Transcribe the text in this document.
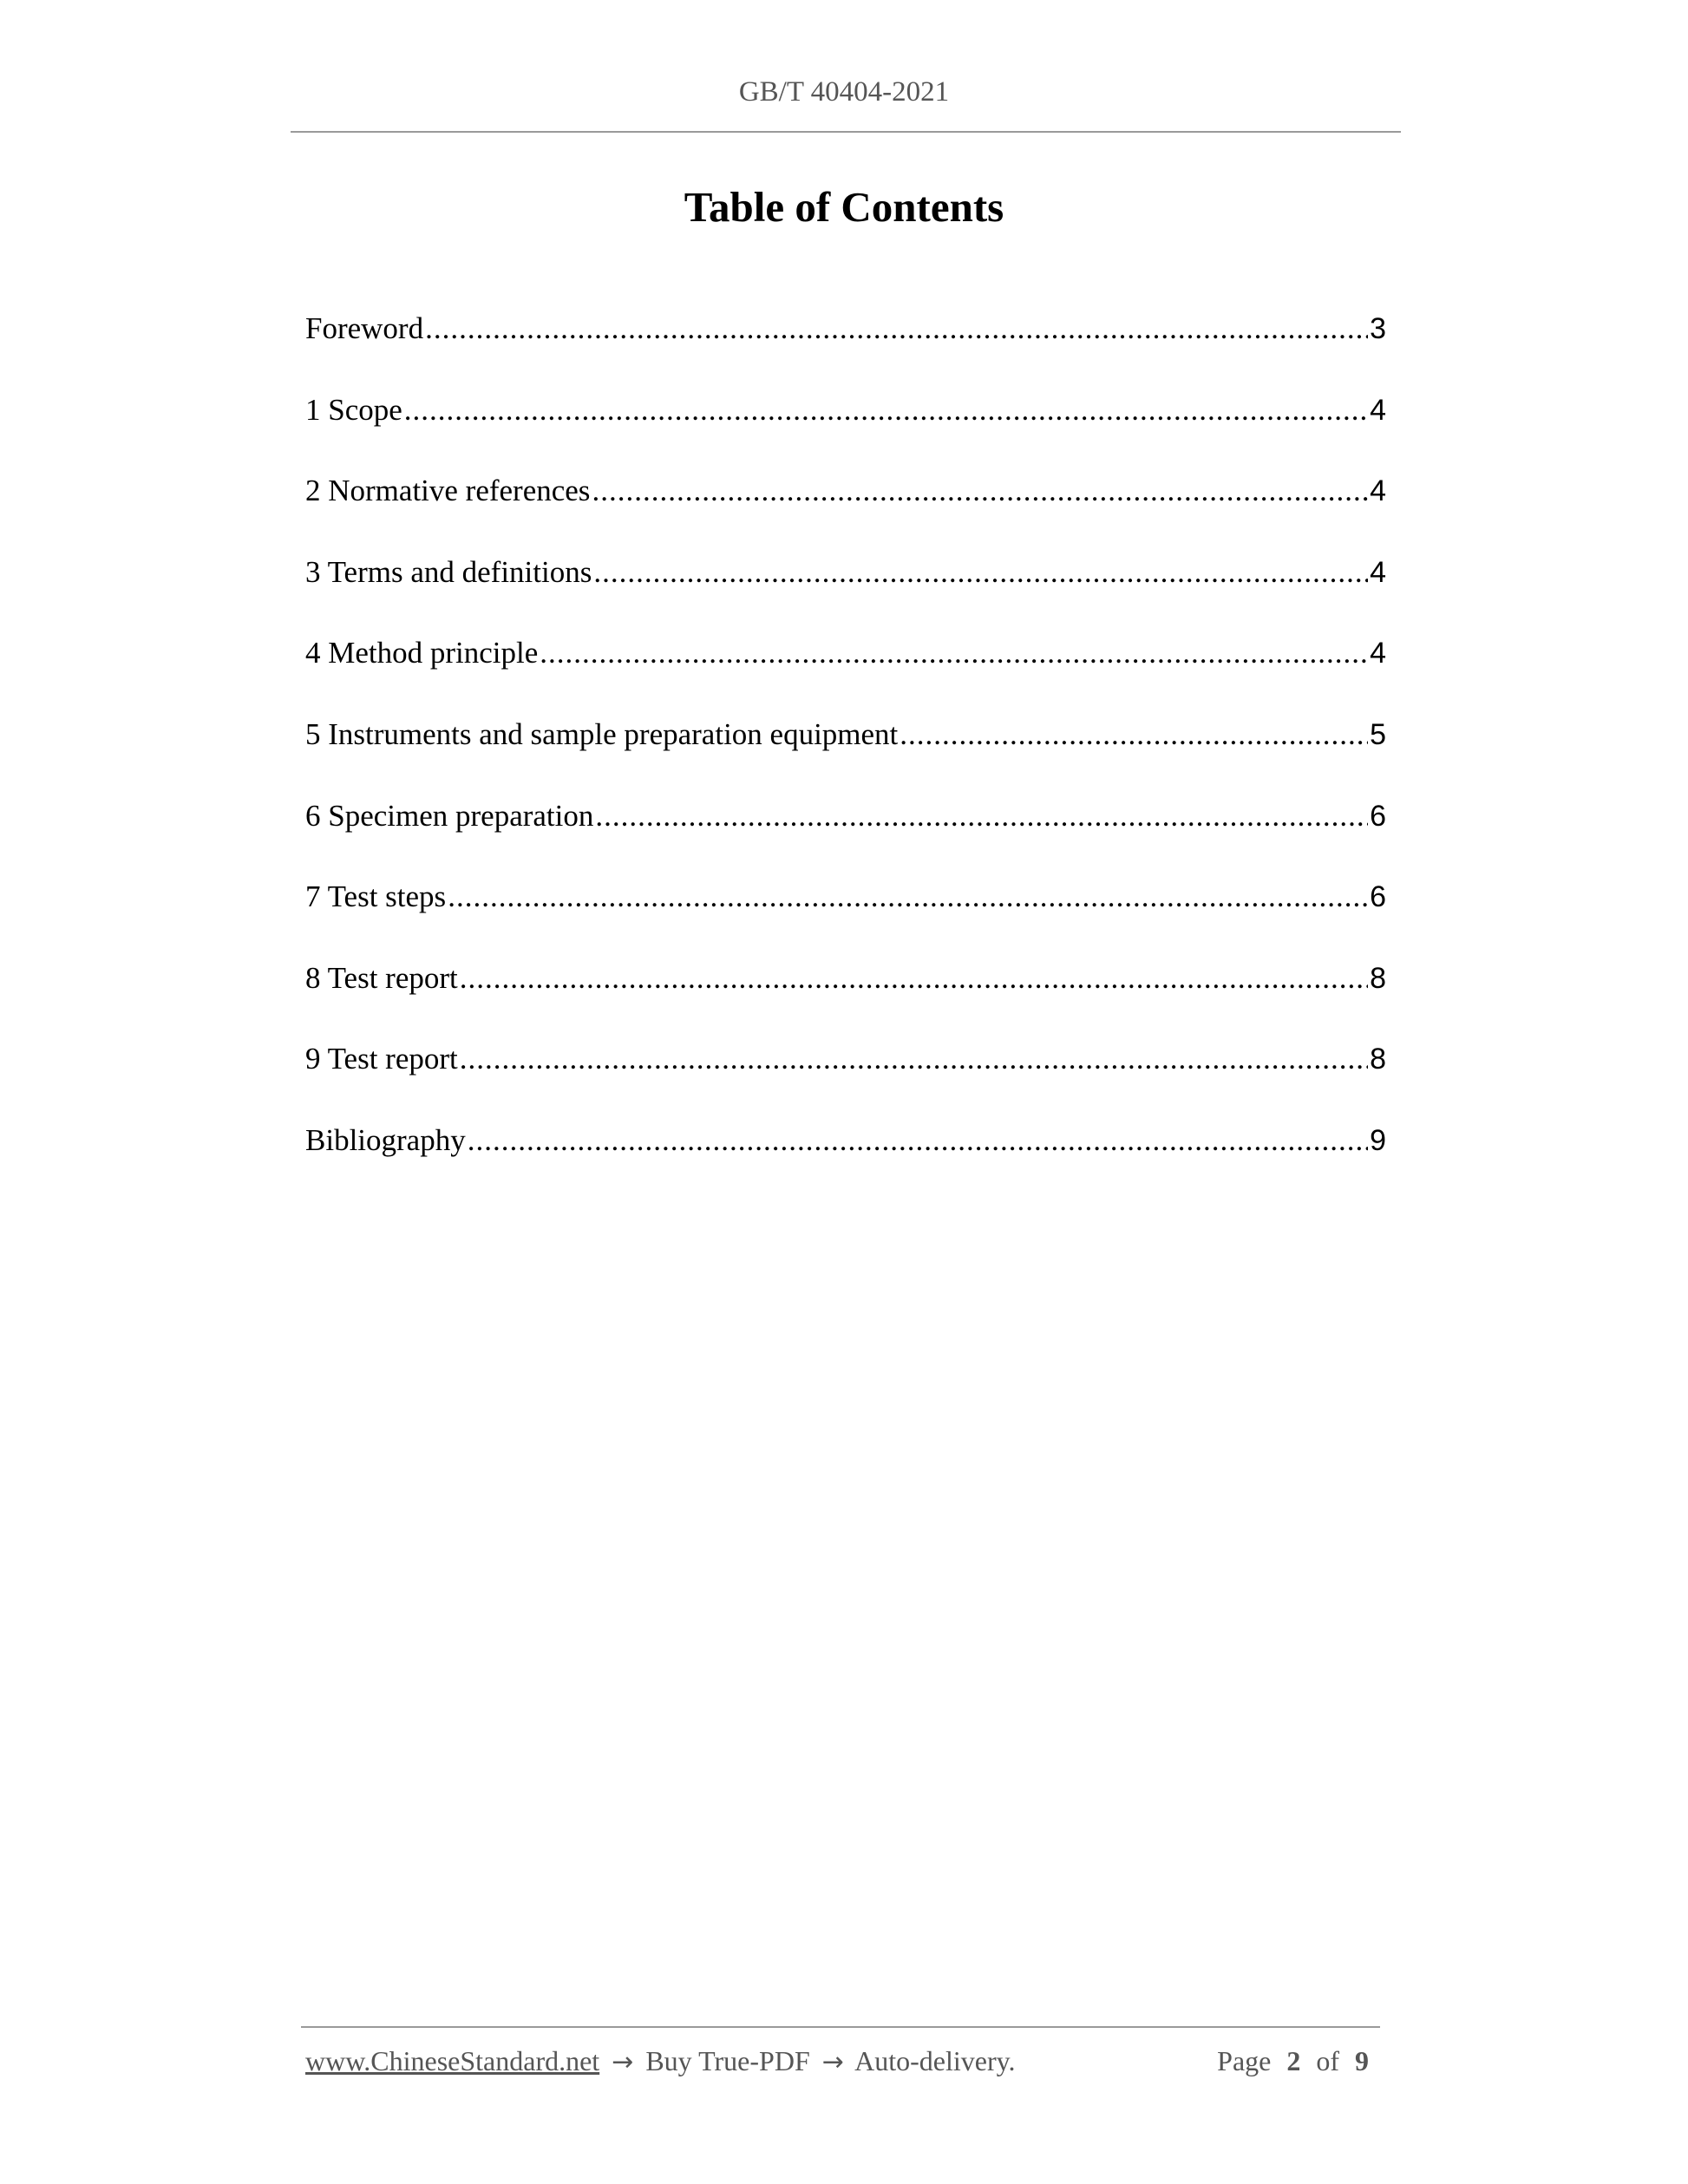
GB/T 40404-2021
Table of Contents
Foreword .....	3
1 Scope .....	4
2 Normative references .....	4
3 Terms and definitions .....	4
4 Method principle .....	4
5 Instruments and sample preparation equipment .....	5
6 Specimen preparation .....	6
7 Test steps .....	6
8 Test report .....	8
9 Test report .....	8
Bibliography .....	9
www.ChineseStandard.net → Buy True-PDF → Auto-delivery.	Page 2 of 9
